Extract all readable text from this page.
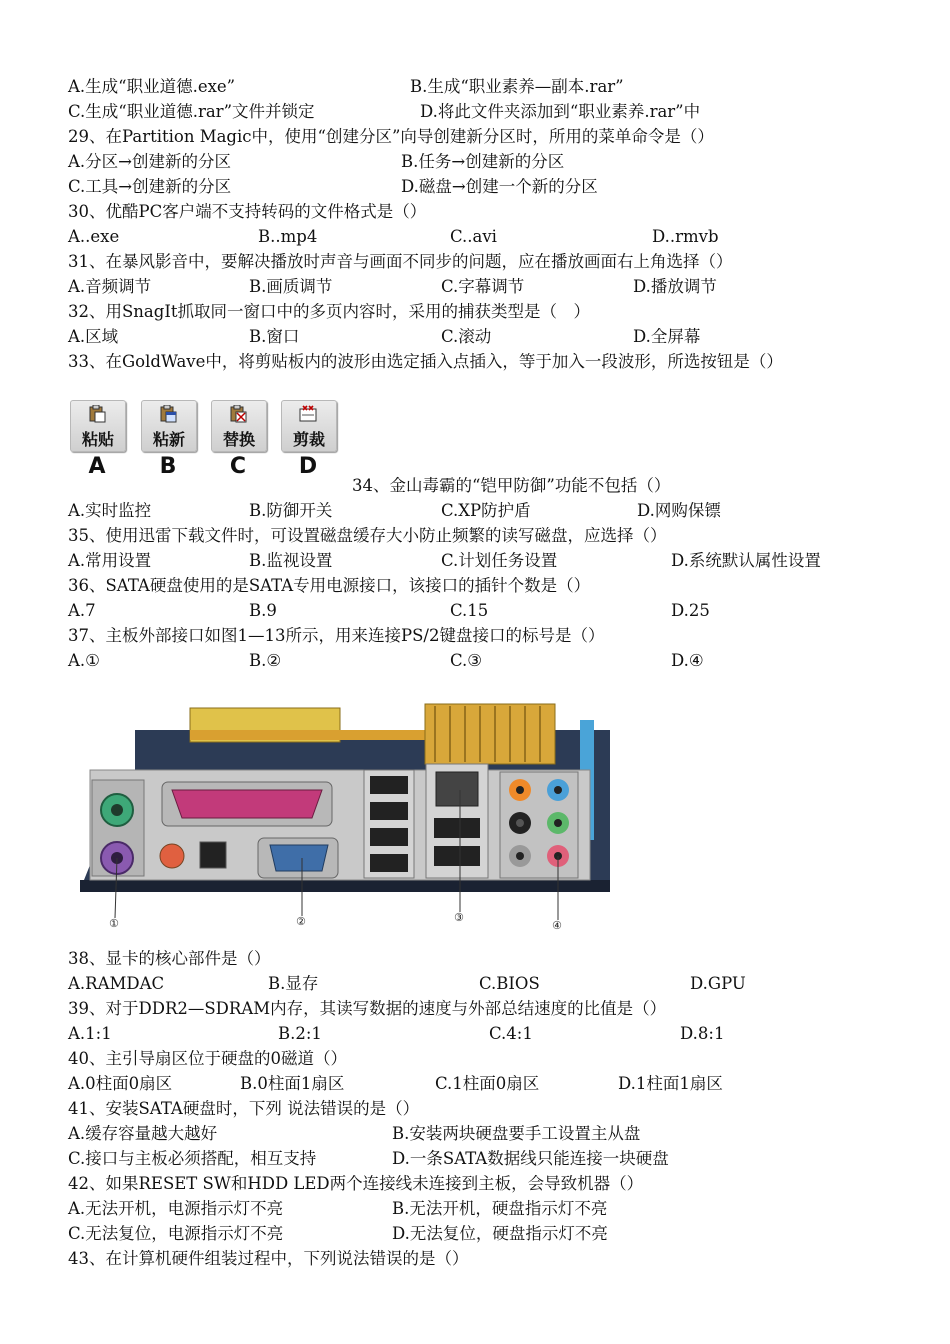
A.生成“职业道德.exe”	B.生成“职业素养—副本.rar”
C.生成“职业道德.rar”文件并锁定	D.将此文件夹添加到“职业素养.rar”中
29、在Partition Magic中，使用“创建分区”向导创建新分区时，所用的菜单命令是（）
A.分区→创建新的分区	B.任务→创建新的分区
C.工具→创建新的分区	D.磁盘→创建一个新的分区
30、优酷PC客户端不支持转码的文件格式是（）
A..exe	B..mp4	C..avi	D..rmvb
31、在暴风影音中，要解决播放时声音与画面不同步的问题，应在播放画面右上角选择（）
A.音频调节	B.画质调节	C.字幕调节	D.播放调节
32、用SnagIt抓取同一窗口中的多页内容时，采用的捕获类型是（　）
A.区域	B.窗口	C.滚动	D.全屏幕
33、在GoldWave中，将剪贴板内的波形由选定插入点插入，等于加入一段波形，所选按钮是（）
34、金山毒霸的“铠甲防御”功能不包括（）
A.实时监控	B.防御开关	C.XP防护盾	D.网购保镖
35、使用迅雷下载文件时，可设置磁盘缓存大小防止频繁的读写磁盘，应选择（）
A.常用设置	B.监视设置	C.计划任务设置	D.系统默认属性设置
36、SATA硬盘使用的是SATA专用电源接口，该接口的插针个数是（）
A.7	B.9	C.15	D.25
37、主板外部接口如图1—13所示，用来连接PS/2键盘接口的标号是（）
A.①	B.②	C.③	D.④
38、显卡的核心部件是（）
A.RAMDAC	B.显存	C.BIOS	D.GPU
39、对于DDR2—SDRAM内存，其读写数据的速度与外部总结速度的比值是（）
A.1:1	B.2:1	C.4:1	D.8:1
40、主引导扇区位于硬盘的0磁道（）
A.0柱面0扇区	B.0柱面1扇区	C.1柱面0扇区	D.1柱面1扇区
41、安装SATA硬盘时，下列 说法错误的是（）
A.缓存容量越大越好	B.安装两块硬盘要手工设置主从盘
C.接口与主板必须搭配，相互支持	D.一条SATA数据线只能连接一块硬盘
42、如果RESET SW和HDD LED两个连接线未连接到主板，会导致机器（）
A.无法开机，电源指示灯不亮	B.无法开机，硬盘指示灯不亮
C.无法复位，电源指示灯不亮	D.无法复位，硬盘指示灯不亮
43、在计算机硬件组装过程中，下列说法错误的是（）
粘贴	粘新	替换	剪裁
A	B	C	D
①	②	③
④
